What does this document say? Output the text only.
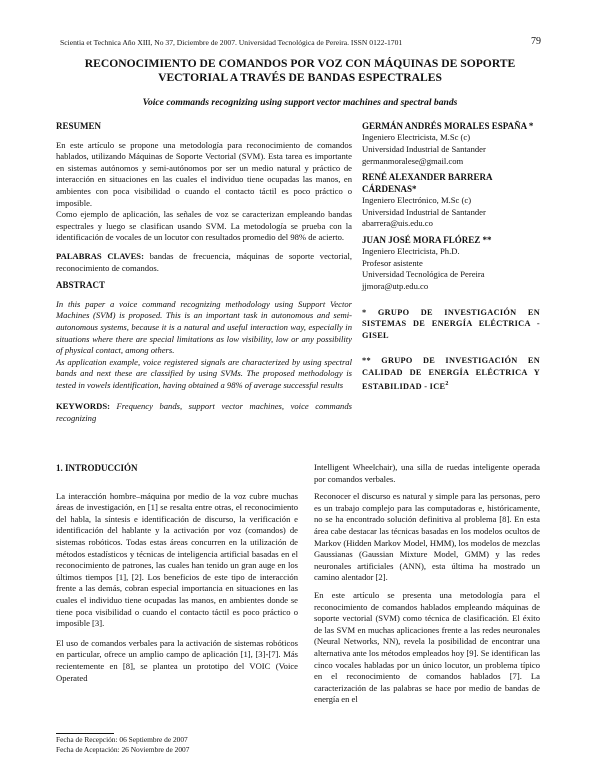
Scientia et Technica Año XIII, No 37, Diciembre de 2007. Universidad Tecnológica de Pereira. ISSN 0122-1701	79
RECONOCIMIENTO DE COMANDOS POR VOZ CON MÁQUINAS DE SOPORTE
VECTORIAL A TRAVÉS DE BANDAS ESPECTRALES
Voice commands recognizing using support vector machines and spectral bands
RESUMEN

En este artículo se propone una metodología para reconocimiento de comandos hablados, utilizando Máquinas de Soporte Vectorial (SVM). Esta tarea es importante en sistemas autónomos y semi-autónomos por ser un medio natural y práctico de interacción en situaciones en las cuales el individuo tiene ocupadas las manos, en ambientes con poca visibilidad o cuando el contacto táctil es poco práctico o imposible.

Como ejemplo de aplicación, las señales de voz se caracterizan empleando bandas espectrales y luego se clasifican usando SVM. La metodología se prueba con la identificación de vocales de un locutor con resultados promedio del 98% de acierto.

PALABRAS CLAVES: bandas de frecuencia, máquinas de soporte vectorial, reconocimiento de comandos.

ABSTRACT

In this paper a voice command recognizing methodology using Support Vector Machines (SVM) is proposed. This is an important task in autonomous and semi-autonomous systems, because it is a natural and useful interaction way, especially in situations where there are special limitations as low visibility, low or any possibility of physical contact, among others.

As application example, voice registered signals are characterized by using spectral bands and next these are classified by using SVMs. The proposed methodology is tested in vowels identification, having obtained a 98% of average successful results

KEYWORDS: Frequency bands, support vector machines, voice commands recognizing

GERMÁN ANDRÉS MORALES ESPAÑA *
Ingeniero Electricista, M.Sc (c)
Universidad Industrial de Santander
germanmoralese@gmail.com
RENÉ ALEXANDER BARRERA CÁRDENAS*
Ingeniero Electrónico, M.Sc (c)
Universidad Industrial de Santander
abarrera@uis.edu.co
JUAN JOSÉ MORA FLÓREZ **
Ingeniero Electricista, Ph.D.
Profesor asistente
Universidad Tecnológica de Pereira
jjmora@utp.edu.co
* GRUPO DE INVESTIGACIÓN EN SISTEMAS DE ENERGÍA ELÉCTRICA - GISEL
** GRUPO DE INVESTIGACIÓN EN CALIDAD DE ENERGÍA ELÉCTRICA Y ESTABILIDAD - ICE$^2$
1. INTRODUCCIÓN

La interacción hombre–máquina por medio de la voz cubre muchas áreas de investigación, en [1] se resalta entre otras, el reconocimiento del habla, la síntesis e identificación de discurso, la verificación e identificación del hablante y la activación por voz (comandos) de sistemas robóticos. Todas estas áreas concurren en la utilización de métodos estadísticos y técnicas de inteligencia artificial basadas en el reconocimiento de patrones, las cuales han tenido un gran auge en los últimos tiempos [1], [2]. Los beneficios de este tipo de interacción frente a las demás, cobran especial importancia en situaciones en las cuales el individuo tiene ocupadas las manos, en ambientes donde se tiene poca visibilidad o cuando el contacto táctil es poco práctico o imposible [3].

El uso de comandos verbales para la activación de sistemas robóticos en particular, ofrece un amplio campo de aplicación [1], [3]-[7]. Más recientemente en [8], se plantea un prototipo del VOIC (Voice Operated

Intelligent Wheelchair), una silla de ruedas inteligente operada por comandos verbales.

Reconocer el discurso es natural y simple para las personas, pero es un trabajo complejo para las computadoras e, históricamente, no se ha encontrado solución definitiva al problema [8]. En esta área cabe destacar las técnicas basadas en los modelos ocultos de Markov (Hidden Markov Model, HMM), los modelos de mezclas Gaussianas (Gaussian Mixture Model, GMM) y las redes neuronales artificiales (ANN), esta última ha mostrado un camino alentador [2].

En este artículo se presenta una metodología para el reconocimiento de comandos hablados empleando máquinas de soporte vectorial (SVM) como técnica de clasificación. El éxito de las SVM en muchas aplicaciones frente a las redes neuronales (Neural Networks, NN), revela la posibilidad de encontrar una alternativa ante los métodos empleados hoy [9]. Se identifican las cinco vocales habladas por un único locutor, un problema típico en el reconocimiento de comandos hablados [7]. La caracterización de las palabras se hace por medio de bandas de energía en el

Fecha de Recepción: 06 Septiembre de 2007
Fecha de Aceptación: 26 Noviembre de 2007
